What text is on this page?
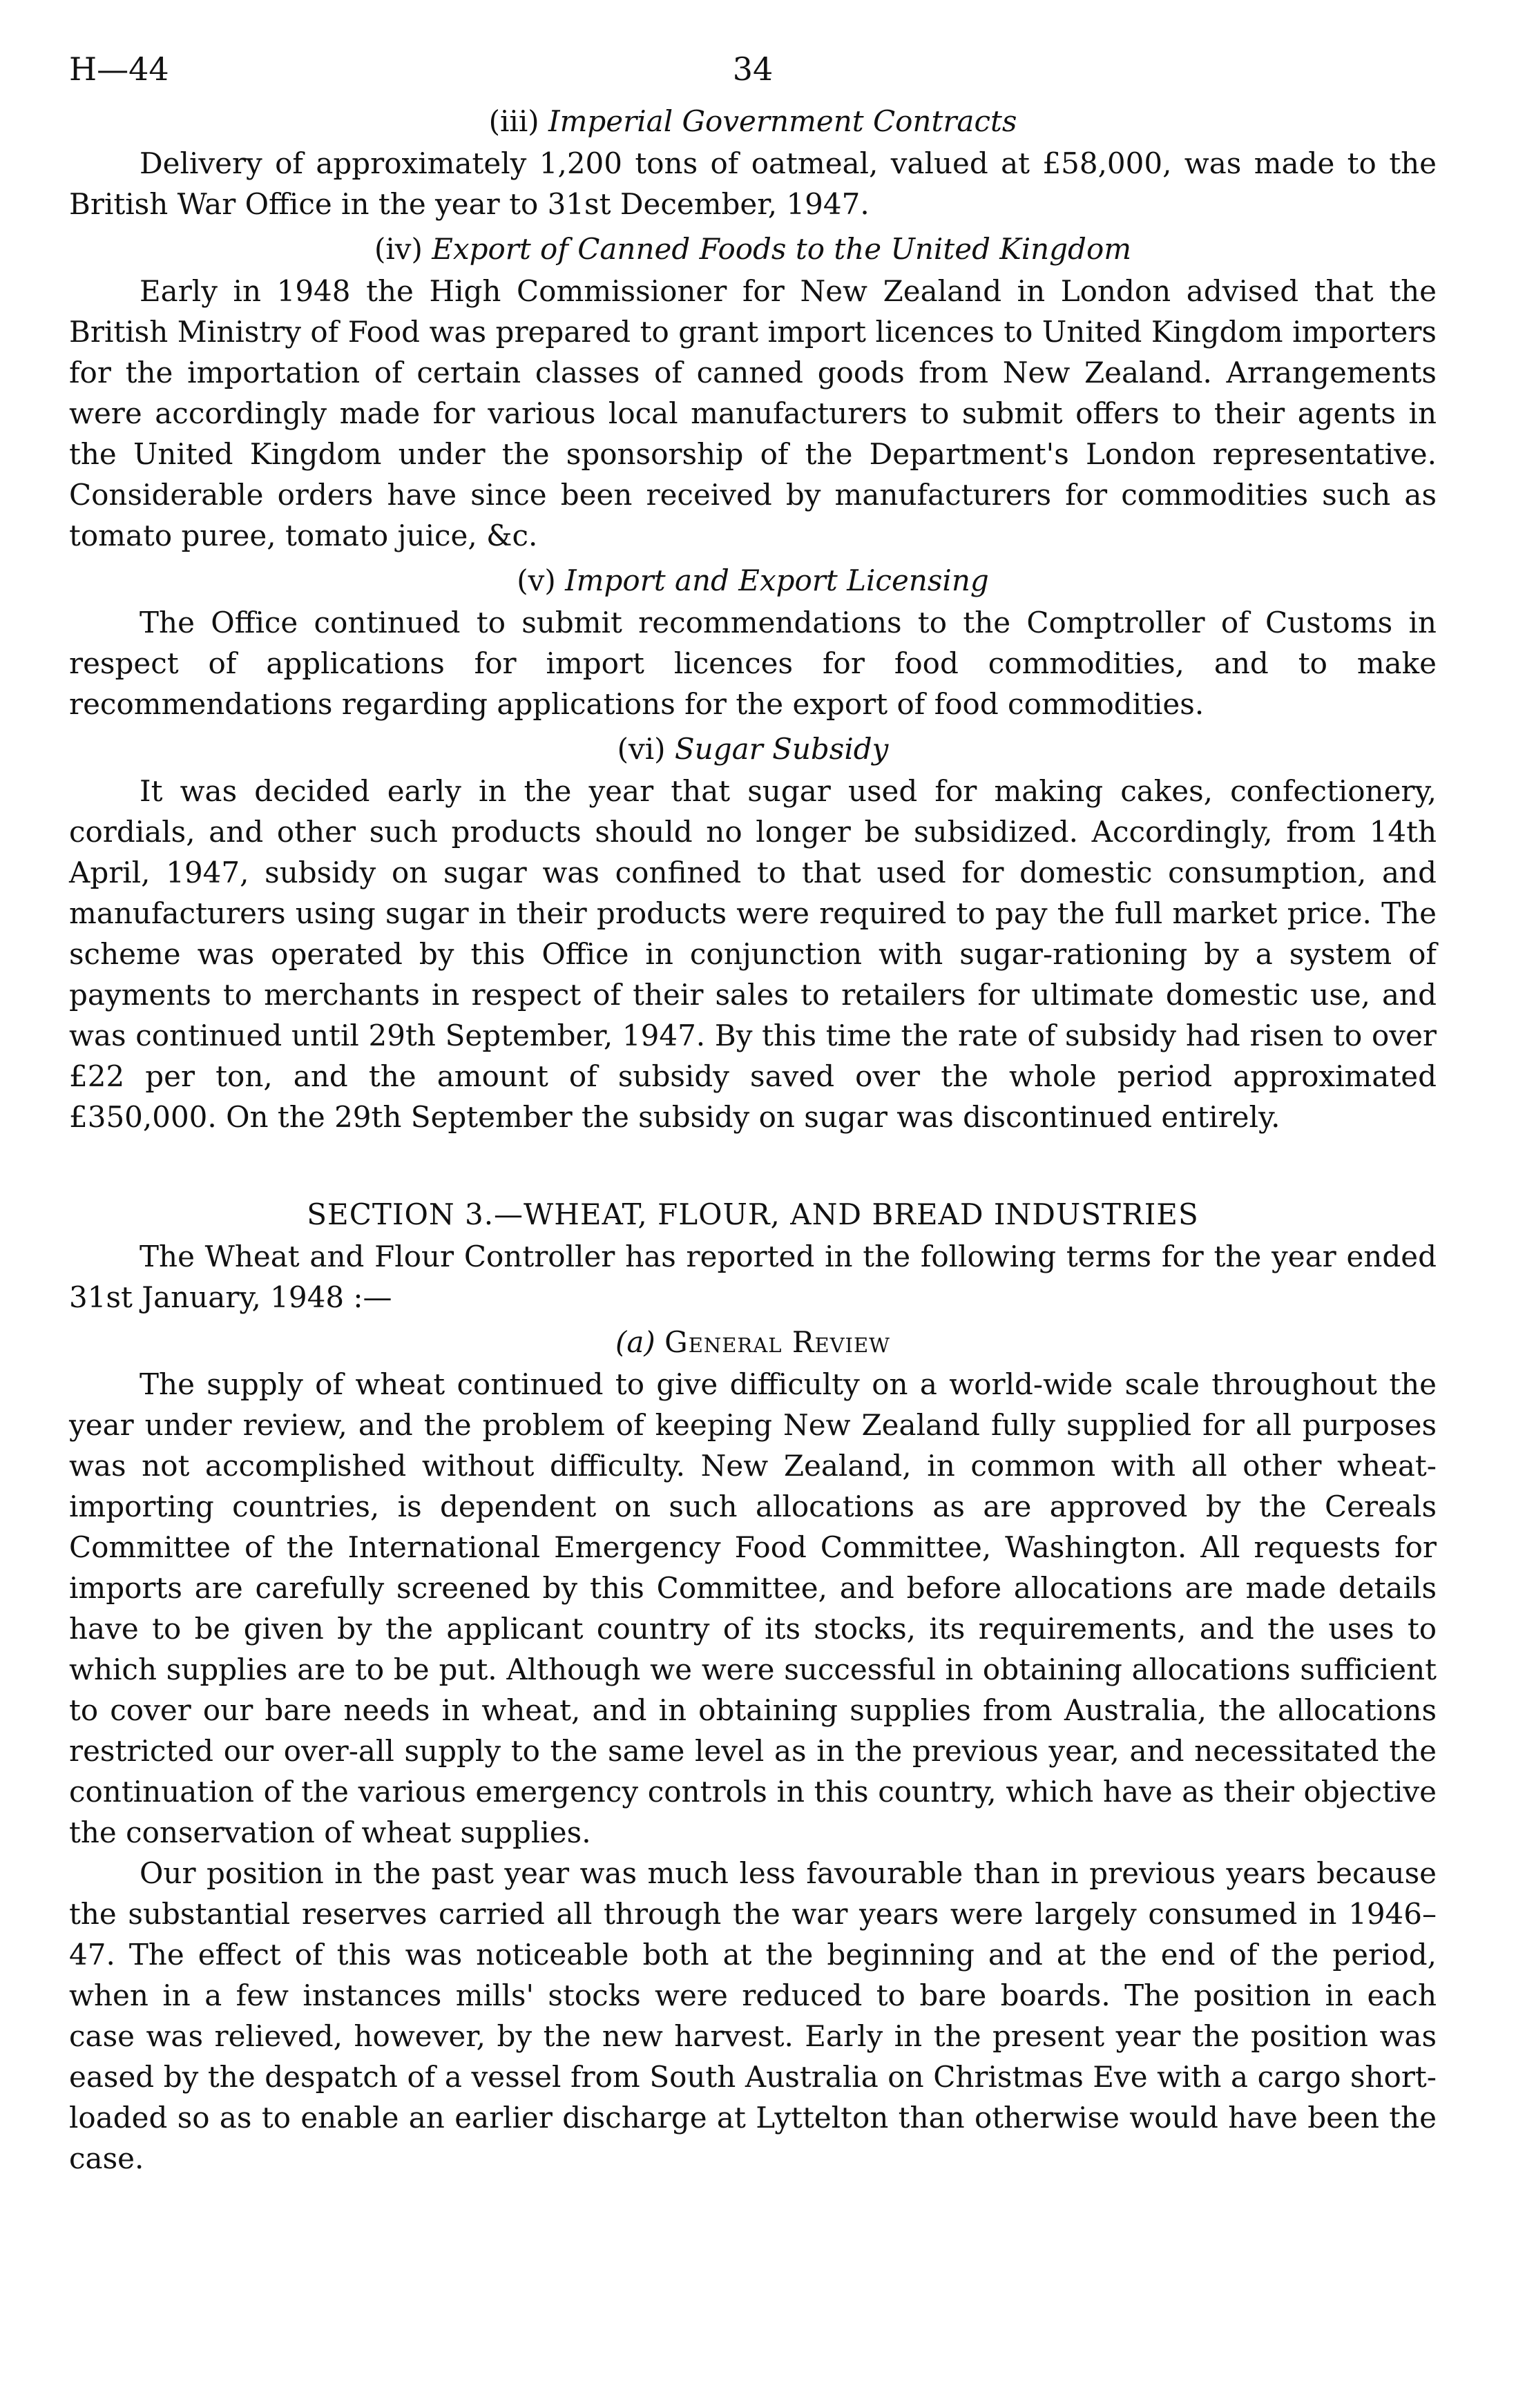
H—44	34
(iii) Imperial Government Contracts

Delivery of approximately 1,200 tons of oatmeal, valued at £58,000, was made to the British War Office in the year to 31st December, 1947.

(iv) Export of Canned Foods to the United Kingdom

Early in 1948 the High Commissioner for New Zealand in London advised that the British Ministry of Food was prepared to grant import licences to United Kingdom importers for the importation of certain classes of canned goods from New Zealand. Arrangements were accordingly made for various local manufacturers to submit offers to their agents in the United Kingdom under the sponsorship of the Department's London representative. Considerable orders have since been received by manufacturers for commodities such as tomato puree, tomato juice, &c.

(v) Import and Export Licensing

The Office continued to submit recommendations to the Comptroller of Customs in respect of applications for import licences for food commodities, and to make recommendations regarding applications for the export of food commodities.

(vi) Sugar Subsidy

It was decided early in the year that sugar used for making cakes, confectionery, cordials, and other such products should no longer be subsidized. Accordingly, from 14th April, 1947, subsidy on sugar was confined to that used for domestic consumption, and manufacturers using sugar in their products were required to pay the full market price. The scheme was operated by this Office in conjunction with sugar-rationing by a system of payments to merchants in respect of their sales to retailers for ultimate domestic use, and was continued until 29th September, 1947. By this time the rate of subsidy had risen to over £22 per ton, and the amount of subsidy saved over the whole period approximated £350,000. On the 29th September the subsidy on sugar was discontinued entirely.

SECTION 3.—WHEAT, FLOUR, AND BREAD INDUSTRIES

The Wheat and Flour Controller has reported in the following terms for the year ended 31st January, 1948 :—

(a) General Review

The supply of wheat continued to give difficulty on a world-wide scale throughout the year under review, and the problem of keeping New Zealand fully supplied for all purposes was not accomplished without difficulty. New Zealand, in common with all other wheat-importing countries, is dependent on such allocations as are approved by the Cereals Committee of the International Emergency Food Committee, Washington. All requests for imports are carefully screened by this Committee, and before allocations are made details have to be given by the applicant country of its stocks, its requirements, and the uses to which supplies are to be put. Although we were successful in obtaining allocations sufficient to cover our bare needs in wheat, and in obtaining supplies from Australia, the allocations restricted our over-all supply to the same level as in the previous year, and necessitated the continuation of the various emergency controls in this country, which have as their objective the conservation of wheat supplies.

Our position in the past year was much less favourable than in previous years because the substantial reserves carried all through the war years were largely consumed in 1946–47. The effect of this was noticeable both at the beginning and at the end of the period, when in a few instances mills' stocks were reduced to bare boards. The position in each case was relieved, however, by the new harvest. Early in the present year the position was eased by the despatch of a vessel from South Australia on Christmas Eve with a cargo short-loaded so as to enable an earlier discharge at Lyttelton than otherwise would have been the case.
